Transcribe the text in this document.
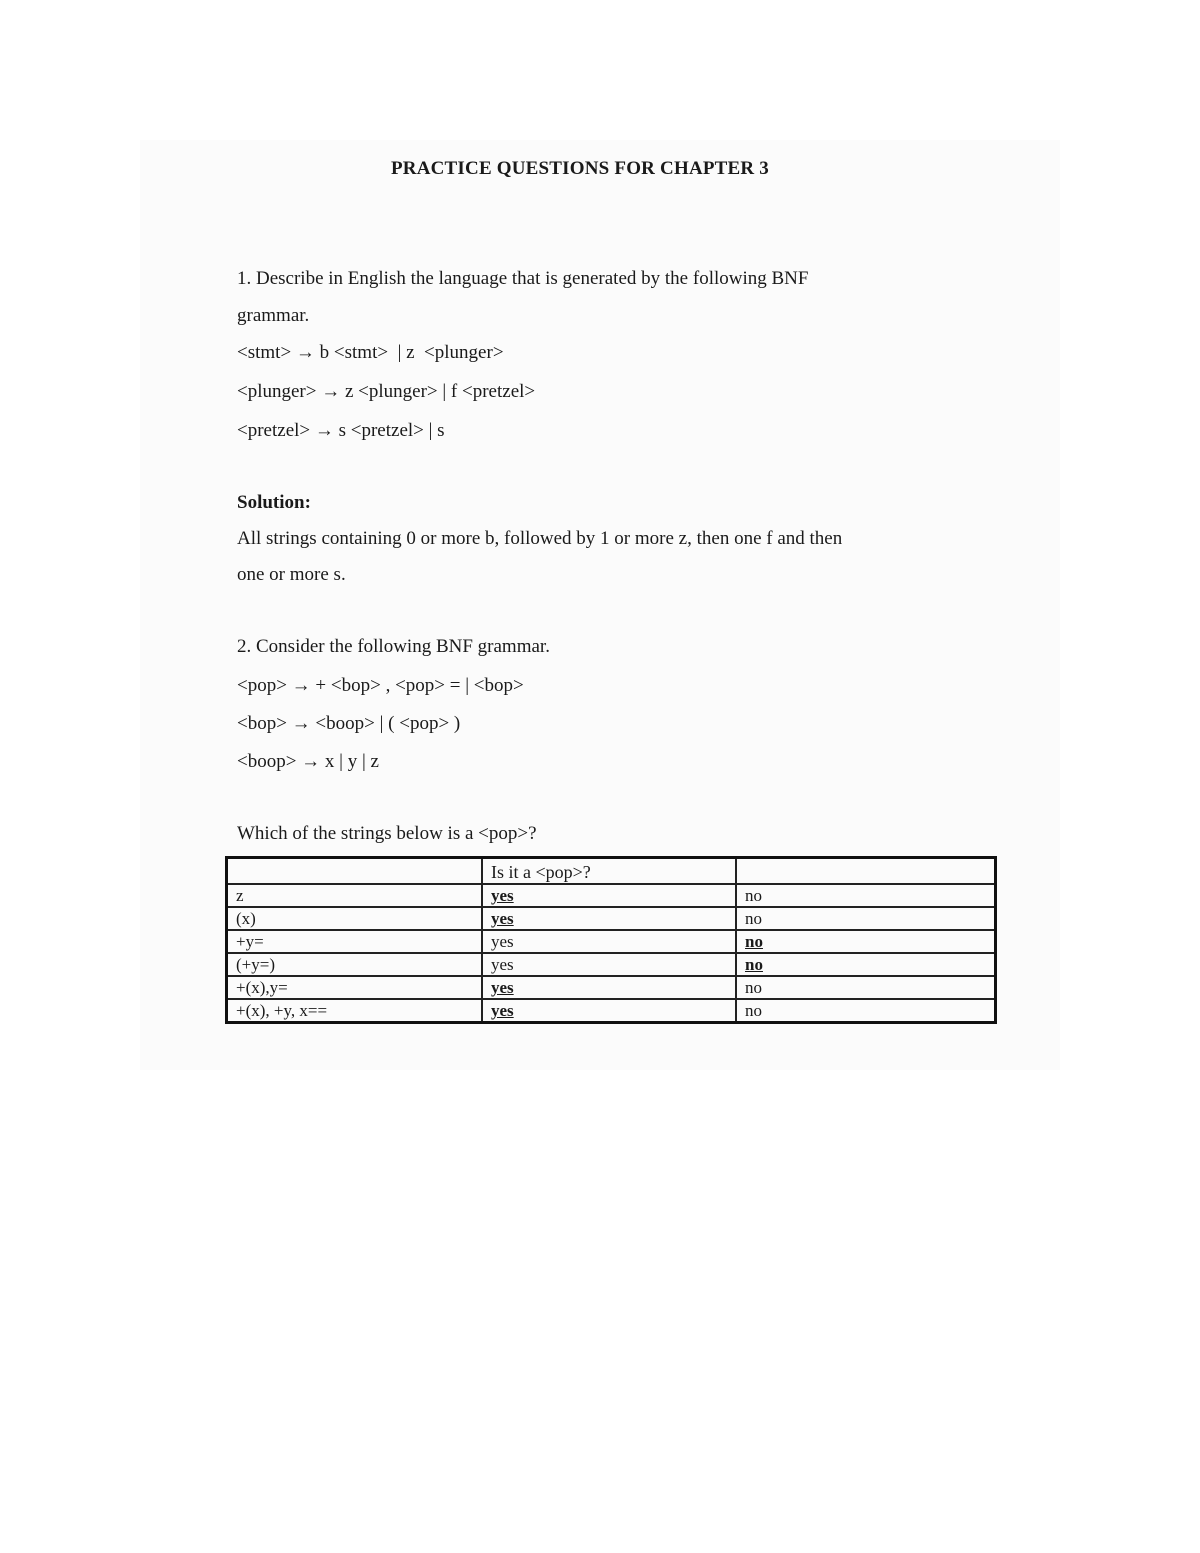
PRACTICE QUESTIONS FOR CHAPTER 3
1. Describe in English the language that is generated by the following BNF
grammar.
<stmt> → b <stmt>  | z  <plunger>
<plunger> → z <plunger> | f <pretzel>
<pretzel> → s <pretzel> | s
Solution:
All strings containing 0 or more b, followed by 1 or more z, then one f and then
one or more s.
2. Consider the following BNF grammar.
<pop> → + <bop> , <pop> = | <bop>
<bop> → <boop> | ( <pop> )
<boop> → x | y | z
Which of the strings below is a <pop>?
	Is it a <pop>?	
z	yes	no
(x)	yes	no
+y=	yes	no
(+y=)	yes	no
+(x),y=	yes	no
+(x), +y, x==	yes	no
